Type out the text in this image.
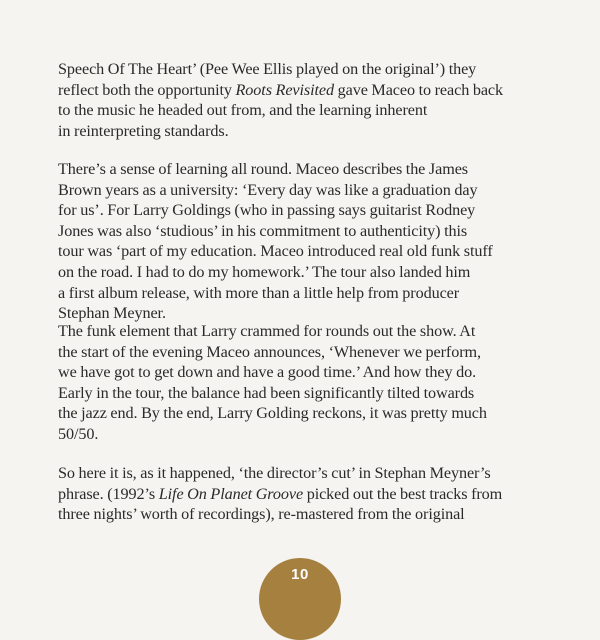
Speech Of The Heart’ (Pee Wee Ellis played on the original’) they
reflect both the opportunity Roots Revisited gave Maceo to reach back
to the music he headed out from, and the learning inherent
in reinterpreting standards.
There’s a sense of learning all round. Maceo describes the James
Brown years as a university: ‘Every day was like a graduation day
for us’. For Larry Goldings (who in passing says guitarist Rodney
Jones was also ‘studious’ in his commitment to authenticity) this
tour was ‘part of my education. Maceo introduced real old funk stuff
on the road. I had to do my homework.’ The tour also landed him
a first album release, with more than a little help from producer
Stephan Meyner.
The funk element that Larry crammed for rounds out the show. At
the start of the evening Maceo announces, ‘Whenever we perform,
we have got to get down and have a good time.’ And how they do.
Early in the tour, the balance had been significantly tilted towards
the jazz end. By the end, Larry Golding reckons, it was pretty much
50/50.
So here it is, as it happened, ‘the director’s cut’ in Stephan Meyner’s
phrase. (1992’s Life On Planet Groove picked out the best tracks from
three nights’ worth of recordings), re-mastered from the original
10
